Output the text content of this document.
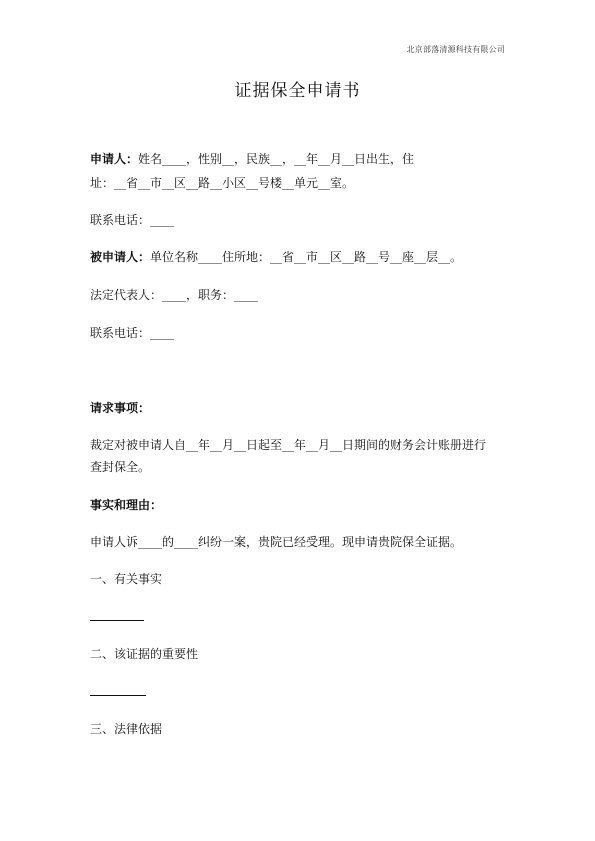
北京部落清源科技有限公司
证据保全申请书
申请人：姓名____，性别__，民族__，__年__月__日出生，住
址：__省__市__区__路__小区__号楼__单元__室。
联系电话：____
被申请人：单位名称____住所地：__省__市__区__路__号__座__层__。
法定代表人：____，职务：____
联系电话：____
请求事项：
裁定对被申请人自__年__月__日起至__年__月__日期间的财务会计账册进行
查封保全。
事实和理由：
申请人诉____的____纠纷一案，贵院已经受理。现申请贵院保全证据。
一、有关事实
二、该证据的重要性
三、法律依据
